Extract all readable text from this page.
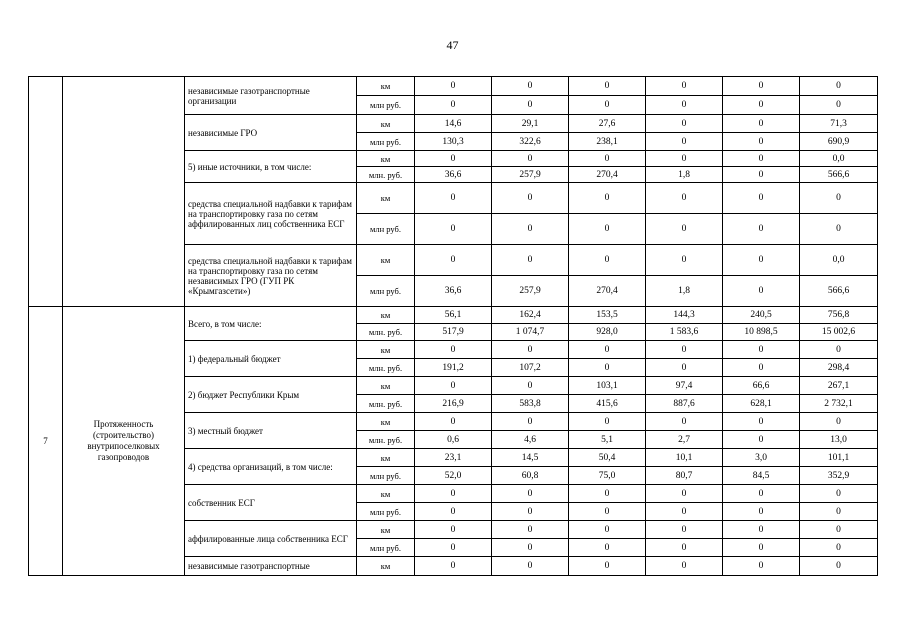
47
		независимые газотранспортные организации	км	0	0	0	0	0	0
			млн руб.	0	0	0	0	0	0
		независимые ГРО	км	14,6	29,1	27,6	0	0	71,3
			млн руб.	130,3	322,6	238,1	0	0	690,9
		5) иные источники, в том числе:	км	0	0	0	0	0	0,0
			млн. руб.	36,6	257,9	270,4	1,8	0	566,6
		средства специальной надбавки к тарифам на транспортировку газа по сетям аффилированных лиц собственника ЕСГ	км	0	0	0	0	0	0
			млн руб.	0	0	0	0	0	0
		средства специальной надбавки к тарифам на транспортировку газа по сетям независимых ГРО (ГУП РК «Крымгазсети»)	км	0	0	0	0	0	0,0
			млн руб.	36,6	257,9	270,4	1,8	0	566,6
7	Протяженность (строительство) внутрипоселковых газопроводов	Всего, в том числе:	км	56,1	162,4	153,5	144,3	240,5	756,8
			млн. руб.	517,9	1 074,7	928,0	1 583,6	10 898,5	15 002,6
		1) федеральный бюджет	км	0	0	0	0	0	0
			млн. руб.	191,2	107,2	0	0	0	298,4
		2) бюджет Республики Крым	км	0	0	103,1	97,4	66,6	267,1
			млн. руб.	216,9	583,8	415,6	887,6	628,1	2 732,1
		3) местный бюджет	км	0	0	0	0	0	0
			млн. руб.	0,6	4,6	5,1	2,7	0	13,0
		4) средства организаций, в том числе:	км	23,1	14,5	50,4	10,1	3,0	101,1
			млн руб.	52,0	60,8	75,0	80,7	84,5	352,9
		собственник ЕСГ	км	0	0	0	0	0	0
			млн руб.	0	0	0	0	0	0
		аффилированные лица собственника ЕСГ	км	0	0	0	0	0	0
			млн руб.	0	0	0	0	0	0
		независимые газотранспортные	км	0	0	0	0	0	0
